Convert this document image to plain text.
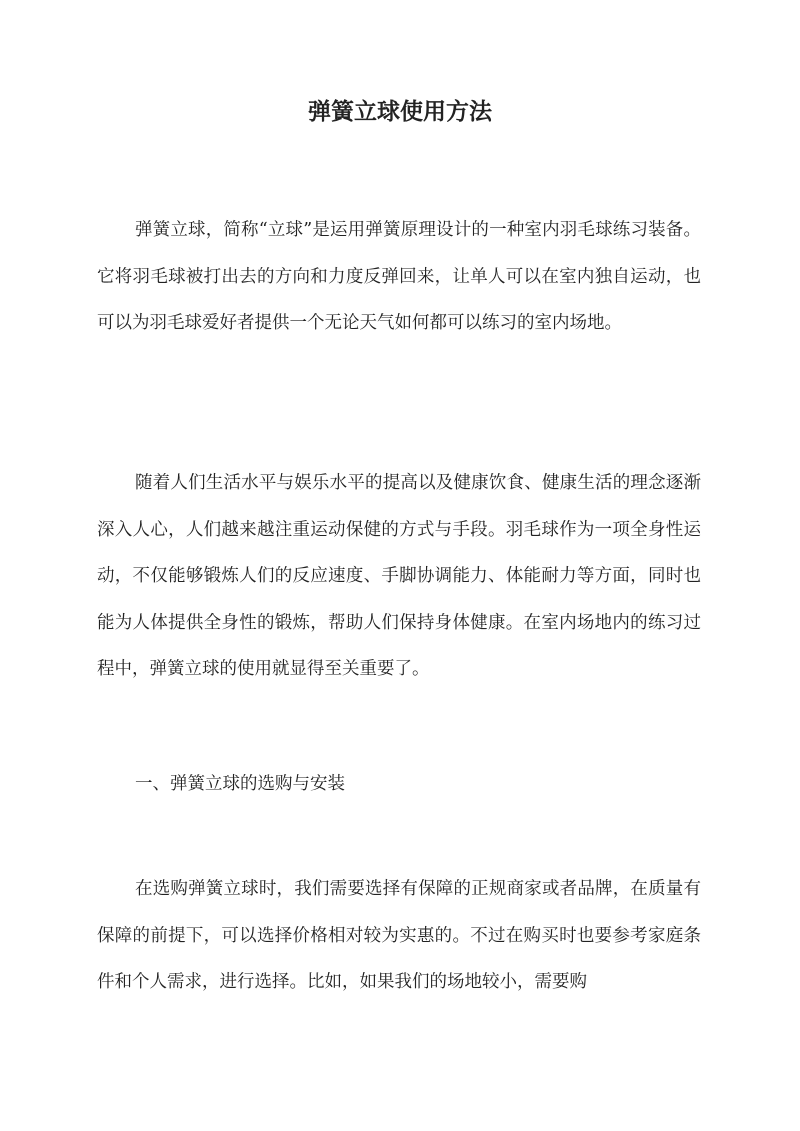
弹簧立球使用方法

弹簧立球，简称“立球”是运用弹簧原理设计的一种室内羽毛球练习装备。它将羽毛球被打出去的方向和力度反弹回来，让单人可以在室内独自运动，也可以为羽毛球爱好者提供一个无论天气如何都可以练习的室内场地。

随着人们生活水平与娱乐水平的提高以及健康饮食、健康生活的理念逐渐深入人心，人们越来越注重运动保健的方式与手段。羽毛球作为一项全身性运动，不仅能够锻炼人们的反应速度、手脚协调能力、体能耐力等方面，同时也能为人体提供全身性的锻炼，帮助人们保持身体健康。在室内场地内的练习过程中，弹簧立球的使用就显得至关重要了。

一、弹簧立球的选购与安装

在选购弹簧立球时，我们需要选择有保障的正规商家或者品牌，在质量有保障的前提下，可以选择价格相对较为实惠的。不过在购买时也要参考家庭条件和个人需求，进行选择。比如，如果我们的场地较小，需要购
